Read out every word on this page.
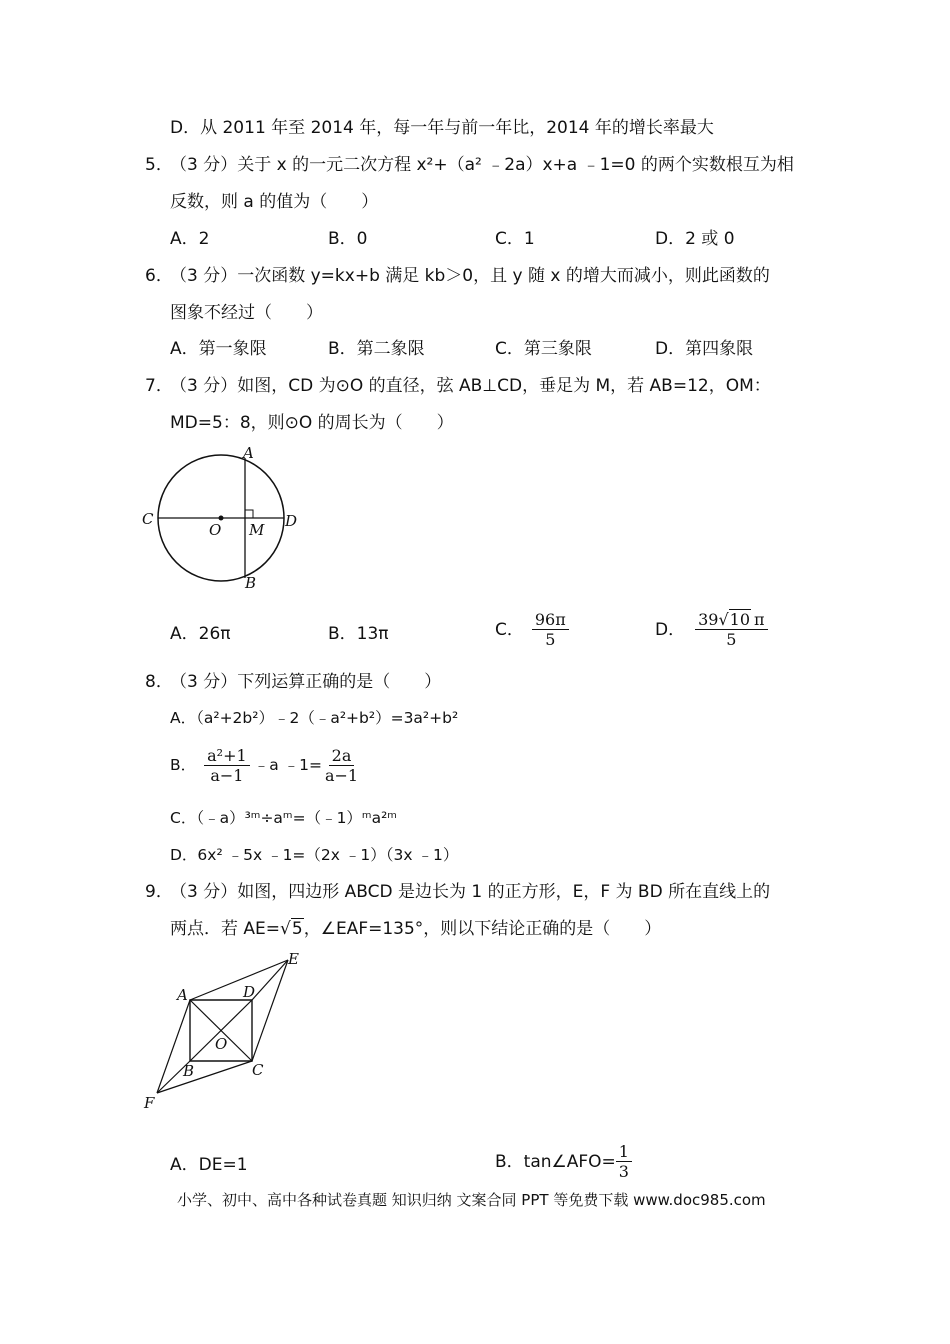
D．从 2011 年至 2014 年，每一年与前一年比，2014 年的增长率最大
5．
（3 分）关于 x 的一元二次方程 x²+（a² ﹣2a）x+a ﹣1=0 的两个实数根互为相
反数，则 a 的值为（　　）
A．2	B．0	C．1	D．2 或 0
6．
（3 分）一次函数 y=kx+b 满足 kb＞0，且 y 随 x 的增大而减小，则此函数的
图象不经过（　　）
A．第一象限	B．第二象限	C．第三象限	D．第四象限
7．
（3 分）如图，CD 为⊙O 的直径，弦 AB⊥CD，垂足为 M，若 AB=12，OM：
MD=5：8，则⊙O 的周长为（　　）
A
B
C	D
O M
A．26π	B．13π	C． $\frac{96\pi}{5}$	D． $\frac{39√10 \pi}{5}$
8．
（3 分）下列运算正确的是（　　）
A．（a²+2b²）﹣2（﹣a²+b²）=3a²+b²
B． $\frac{\text{a²+1}}{a-1}$ ﹣a ﹣1= $\frac{2a}{a-1}$
C．（﹣a）³ᵐ÷aᵐ=（﹣1）ᵐa²ᵐ
D．6x² ﹣5x ﹣1=（2x ﹣1）（3x ﹣1）
9．
（3 分）如图，四边形 ABCD 是边长为 1 的正方形，E，F 为 BD 所在直线上的
两点．若 AE=√5，∠EAF=135°，则以下结论正确的是（　　）
A
B	C
D
E
F
O
A．DE=1	B．tan∠AFO= $\frac{1}{3}$
小学、初中、高中各种试卷真题 知识归纳 文案合同 PPT 等免费下载 www.doc985.com
